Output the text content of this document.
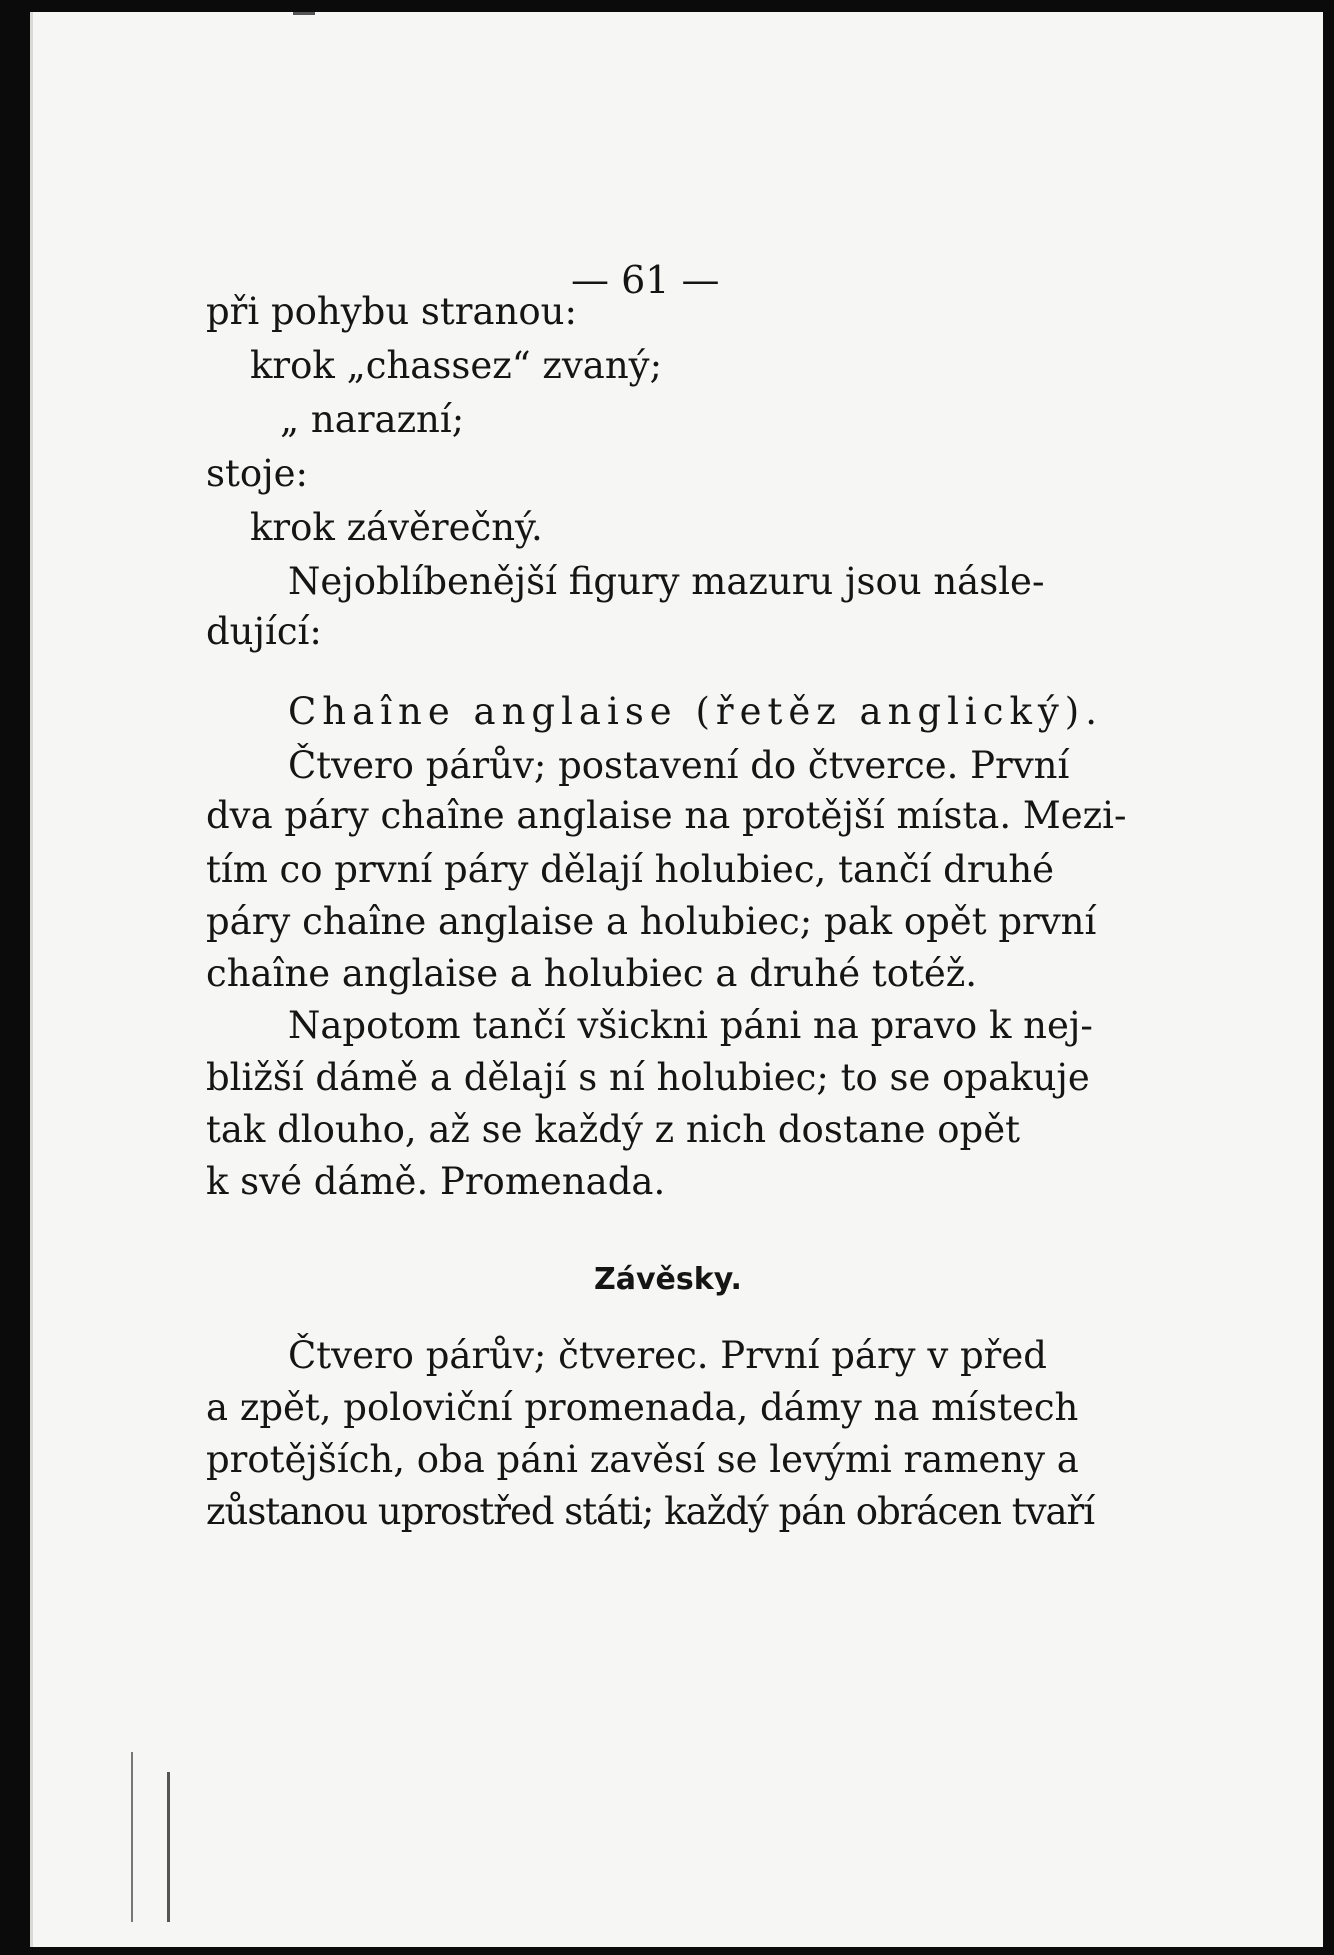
— 61 —
při pohybu stranou:
krok „chassez“ zvaný;
„ narazní;
stoje:
krok závěrečný.
Nejoblíbenější figury mazuru jsou násle-
dující:
Chaîne anglaise (řetěz anglický).
Čtvero párův; postavení do čtverce. První
dva páry chaîne anglaise na protější místa. Mezi-
tím co první páry dělají holubiec, tančí druhé
páry chaîne anglaise a holubiec; pak opět první
chaîne anglaise a holubiec a druhé totéž.
Napotom tančí všickni páni na pravo k nej-
bližší dámě a dělají s ní holubiec; to se opakuje
tak dlouho, až se každý z nich dostane opět
k své dámě. Promenada.
Závěsky.
Čtvero párův; čtverec. První páry v před
a zpět, poloviční promenada, dámy na místech
protějších, oba páni zavěsí se levými rameny a
zůstanou uprostřed státi; každý pán obrácen tvaří
